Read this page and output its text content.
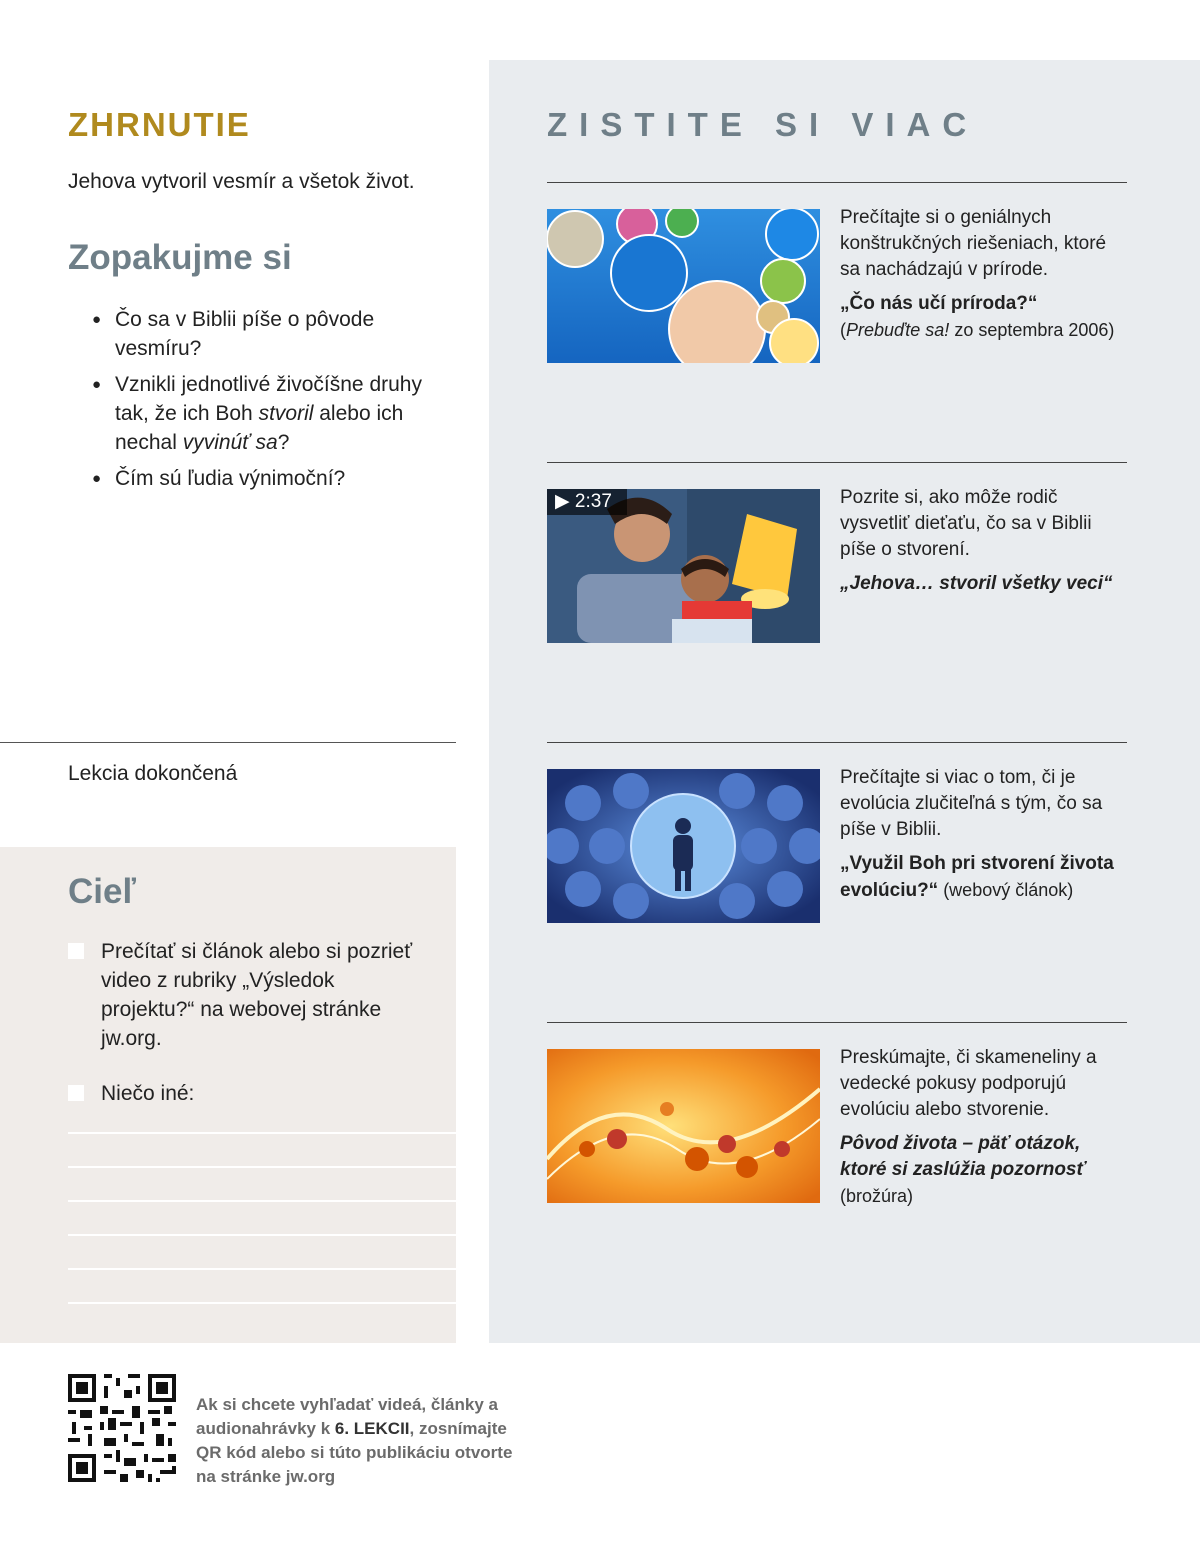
ZHRNUTIE
Jehova vytvoril vesmír a všetok život.
Zopakujme si
● Čo sa v Biblii píše o pôvode vesmíru?
● Vznikli jednotlivé živočíšne druhy tak, že ich Boh stvoril alebo ich nechal vyvinúť sa?
● Čím sú ľudia výnimoční?
Lekcia dokončená
Cieľ
Prečítať si článok alebo si pozrieť video z rubriky „Výsledok projektu?“ na webovej stránke jw.org.
Niečo iné:
ZISTITE SI VIAC
Prečítajte si o geniálnych konštrukčných riešeniach, ktoré sa nachádzajú v prírode.
„Čo nás učí príroda?“
(Prebuďte sa! zo septembra 2006)
▶ 2:37	Pozrite si, ako môže rodič vysvetliť dieťaťu, čo sa v Biblii píše o stvorení.
„Jehova… stvoril všetky veci“
Prečítajte si viac o tom, či je evolúcia zlučiteľná s tým, čo sa píše v Biblii.
„Využil Boh pri stvorení života evolúciu?“ (webový článok)
Preskúmajte, či skameneliny a vedecké pokusy podporujú evolúciu alebo stvorenie.
Pôvod života – päť otázok, ktoré si zaslúžia pozornosť
(brožúra)
Ak si chcete vyhľadať videá, články a audionahrávky k 6. LEKCII, zosnímajte QR kód alebo si túto publikáciu otvorte na stránke jw.org
